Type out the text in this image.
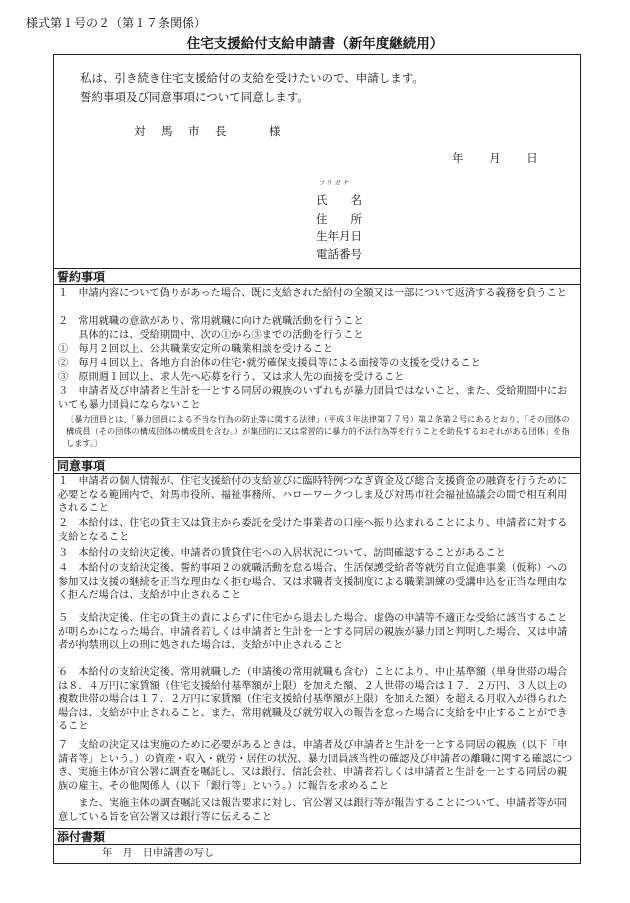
様式第１号の２（第１７条関係）
住宅支援給付支給申請書（新年度継続用）
私は、引き続き住宅支援給付の支給を受けたいので、申請します。
誓約事項及び同意事項について同意します。
対　馬　市　長　　　様
年 月 日
フリガナ
氏　　名
住　　所
生年月日
電話番号
誓約事項
１　申請内容について偽りがあった場合、既に支給された給付の全額又は一部について返済する義務を負うこと
２　常用就職の意欲があり、常用就職に向けた就職活動を行うこと
　　具体的には、受給期間中、次の①から③までの活動を行うこと
①　毎月２回以上、公共職業安定所の職業相談を受けること
②　毎月４回以上、各地方自治体の住宅･就労確保支援員等による面接等の支援を受けること
③　原則週１回以上、求人先へ応募を行う、又は求人先の面接を受けること
３　申請者及び申請者と生計を一とする同居の親族のいずれもが暴力団員ではないこと、また、受給期間中においても暴力団員にならないこと
〔暴力団員とは、「暴力団員による不当な行為の防止等に関する法律」（平成３年法律第７７号）第２条第２号にあるとおり、「その団体の構成員（その団体の構成団体の構成員を含む。）が集団的に又は常習的に暴力的不法行為等を行うことを助長するおそれがある団体」を指します。〕
同意事項
１　申請者の個人情報が、住宅支援給付の支給並びに臨時特例つなぎ資金及び総合支援資金の融資を行うために必要となる範囲内で、対馬市役所、福祉事務所、ハローワークつしま及び対馬市社会福祉協議会の間で相互利用されること
２　本給付は、住宅の貸主又は貸主から委託を受けた事業者の口座へ振り込まれることにより、申請者に対する支給となること
３　本給付の支給決定後、申請者の賃貸住宅への入居状況について、訪問確認することがあること
４　本給付の支給決定後、誓約事項２の就職活動を怠る場合、生活保護受給者等就労自立促進事業（仮称）への参加又は支援の継続を正当な理由なく拒む場合、又は求職者支援制度による職業訓練の受講申込を正当な理由なく拒んだ場合は、支給が中止されること
５　支給決定後、住宅の貸主の責によらずに住宅から退去した場合、虚偽の申請等不適正な受給に該当することが明らかになった場合、申請者若しくは申請者と生計を一とする同居の親族が暴力団と判明した場合、又は申請者が拘禁刑以上の刑に処された場合は、支給が中止されること
６　本給付の支給決定後、常用就職した（申請後の常用就職も含む）ことにより、中止基準額（単身世帯の場合は８．４万円に家賃額（住宅支援給付基準額が上限）を加えた額、２人世帯の場合は１７．２万円、３人以上の複数世帯の場合は１７．２万円に家賃額（住宅支援給付基準額が上限）を加えた額）を超える月収入が得られた場合は、支給が中止されること、また、常用就職及び就労収入の報告を怠った場合に支給を中止することができること
７　支給の決定又は実施のために必要があるときは、申請者及び申請者と生計を一とする同居の親族（以下「申請者等」という。）の資産・収入・就労・居住の状況、暴力団員該当性の確認及び申請者の離職に関する確認につき、実施主体が官公署に調査を嘱託し、又は銀行、信託会社、申請者若しくは申請者と生計を一とする同居の親族の雇主、その他関係人（以下「銀行等」という。）に報告を求めること
　　また、実施主体の調査嘱託又は報告要求に対し、官公署又は銀行等が報告することについて、申請者等が同意している旨を官公署又は銀行等に伝えること
添付書類
年　月　日申請書の写し
